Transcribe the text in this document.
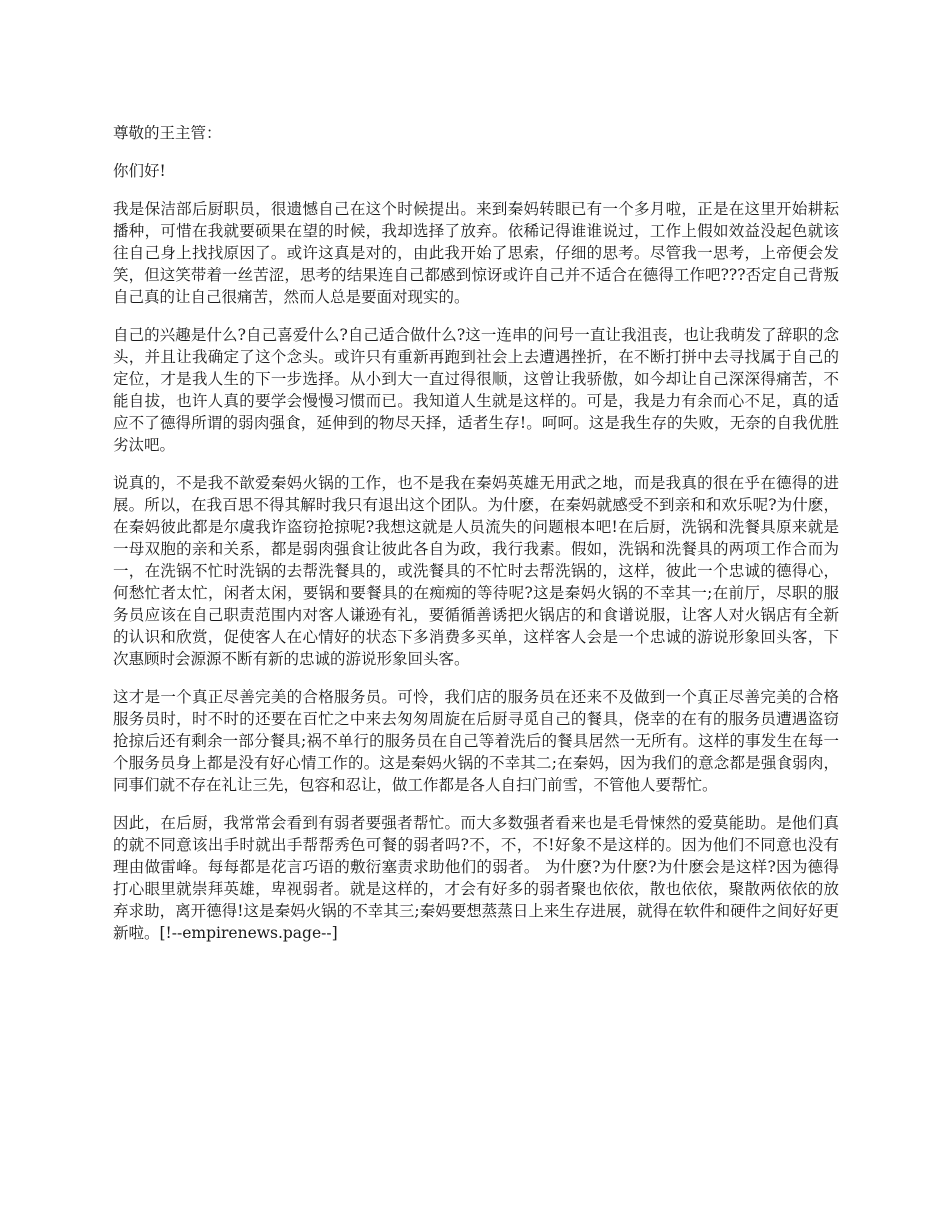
尊敬的王主管：

你们好!

我是保洁部后厨职员，很遗憾自己在这个时候提出。来到秦妈转眼已有一个多月啦，正是在这里开始耕耘播种，可惜在我就要硕果在望的时候，我却选择了放弃。依稀记得谁谁说过，工作上假如效益没起色就该往自己身上找找原因了。或许这真是对的，由此我开始了思索，仔细的思考。尽管我一思考，上帝便会发笑，但这笑带着一丝苦涩，思考的结果连自己都感到惊讶或许自己并不适合在德得工作吧???否定自己背叛自己真的让自己很痛苦，然而人总是要面对现实的。

自己的兴趣是什么?自己喜爱什么?自己适合做什么?这一连串的问号一直让我沮丧，也让我萌发了辞职的念头，并且让我确定了这个念头。或许只有重新再跑到社会上去遭遇挫折，在不断打拼中去寻找属于自己的定位，才是我人生的下一步选择。从小到大一直过得很顺，这曾让我骄傲，如今却让自己深深得痛苦，不能自拔，也许人真的要学会慢慢习惯而已。我知道人生就是这样的。可是，我是力有余而心不足，真的适应不了德得所谓的弱肉强食，延伸到的物尽天择，适者生存!。呵呵。这是我生存的失败，无奈的自我优胜劣汰吧。

说真的，不是我不歆爱秦妈火锅的工作，也不是我在秦妈英雄无用武之地，而是我真的很在乎在德得的进展。所以，在我百思不得其解时我只有退出这个团队。为什麽，在秦妈就感受不到亲和和欢乐呢?为什麽，在秦妈彼此都是尔虞我诈盗窃抢掠呢?我想这就是人员流失的问题根本吧!在后厨，洗锅和洗餐具原来就是一母双胞的亲和关系，都是弱肉强食让彼此各自为政，我行我素。假如，洗锅和洗餐具的两项工作合而为一，在洗锅不忙时洗锅的去帮洗餐具的，或洗餐具的不忙时去帮洗锅的，这样，彼此一个忠诚的德得心，何愁忙者太忙，闲者太闲，要锅和要餐具的在痴痴的等待呢?这是秦妈火锅的不幸其一;在前厅，尽职的服务员应该在自己职责范围内对客人谦逊有礼，要循循善诱把火锅店的和食谱说服，让客人对火锅店有全新的认识和欣赏，促使客人在心情好的状态下多消费多买单，这样客人会是一个忠诚的游说形象回头客，下次惠顾时会源源不断有新的忠诚的游说形象回头客。

这才是一个真正尽善完美的合格服务员。可怜，我们店的服务员在还来不及做到一个真正尽善完美的合格服务员时，时不时的还要在百忙之中来去匆匆周旋在后厨寻觅自己的餐具，侥幸的在有的服务员遭遇盗窃抢掠后还有剩余一部分餐具;祸不单行的服务员在自己等着洗后的餐具居然一无所有。这样的事发生在每一个服务员身上都是没有好心情工作的。这是秦妈火锅的不幸其二;在秦妈，因为我们的意念都是强食弱肉，同事们就不存在礼让三先，包容和忍让，做工作都是各人自扫门前雪，不管他人要帮忙。

因此，在后厨，我常常会看到有弱者要强者帮忙。而大多数强者看来也是毛骨悚然的爱莫能助。是他们真的就不同意该出手时就出手帮帮秀色可餐的弱者吗?不，不，不!好象不是这样的。因为他们不同意也没有理由做雷峰。每每都是花言巧语的敷衍塞责求助他们的弱者。 为什麽?为什麽?为什麽会是这样?因为德得打心眼里就崇拜英雄，卑视弱者。就是这样的，才会有好多的弱者聚也依依，散也依依，聚散两依依的放弃求助，离开德得!这是秦妈火锅的不幸其三;秦妈要想蒸蒸日上来生存进展，就得在软件和硬件之间好好更新啦。[!--empirenews.page--]
